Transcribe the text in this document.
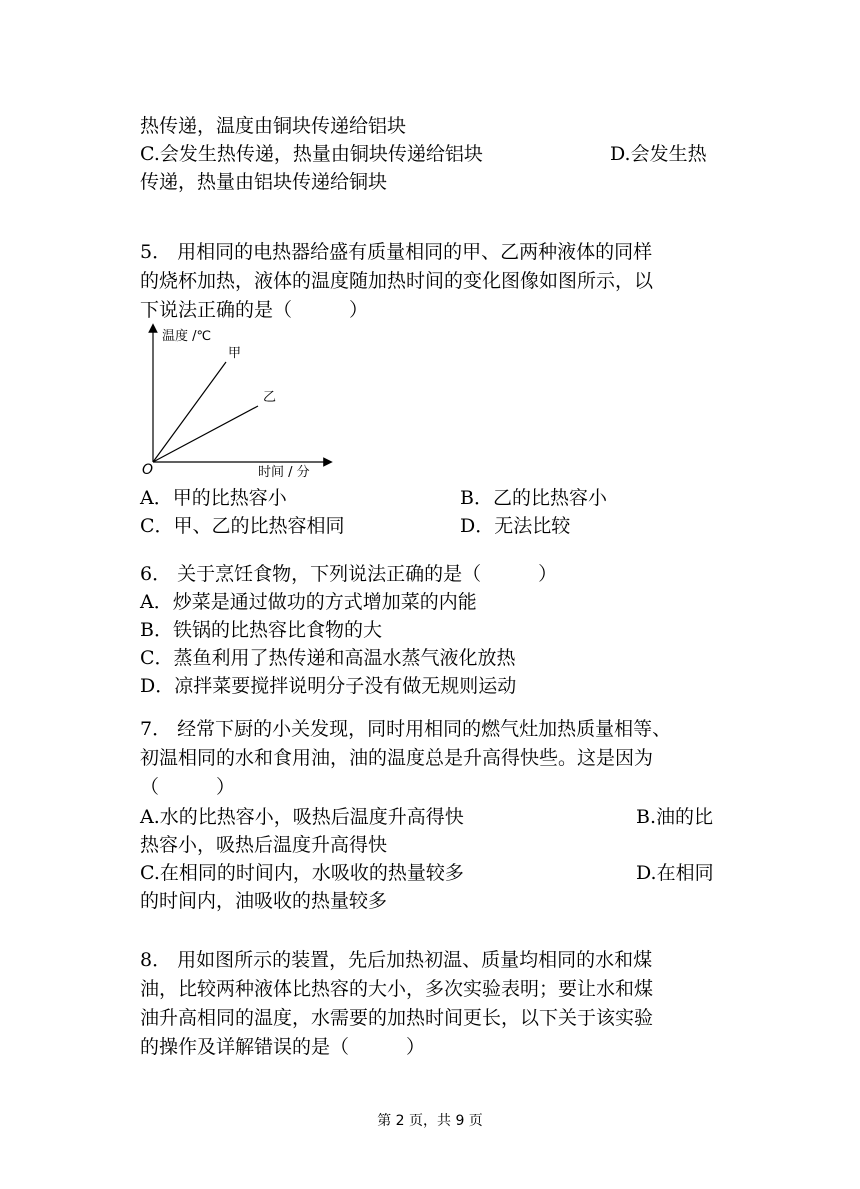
热传递，温度由铜块传递给铝块
C.会发生热传递，热量由铜块传递给铝块	D.会发生热
传递，热量由铝块传递给铜块
5． 用相同的电热器给盛有质量相同的甲、乙两种液体的同样
的烧杯加热，液体的温度随加热时间的变化图像如图所示，以
下说法正确的是（　　　）
温度 /℃
时间 / 分
O
甲
乙
A．甲的比热容小	B．乙的比热容小
C．甲、乙的比热容相同	D．无法比较
6． 关于烹饪食物，下列说法正确的是（　　　）
A．炒菜是通过做功的方式增加菜的内能
B．铁锅的比热容比食物的大
C．蒸鱼利用了热传递和高温水蒸气液化放热
D．凉拌菜要搅拌说明分子没有做无规则运动
7． 经常下厨的小关发现，同时用相同的燃气灶加热质量相等、
初温相同的水和食用油，油的温度总是升高得快些。这是因为
（　　　）
A.水的比热容小，吸热后温度升高得快	B.油的比
热容小，吸热后温度升高得快
C.在相同的时间内，水吸收的热量较多	D.在相同
的时间内，油吸收的热量较多
8． 用如图所示的装置，先后加热初温、质量均相同的水和煤
油，比较两种液体比热容的大小，多次实验表明；要让水和煤
油升高相同的温度，水需要的加热时间更长，以下关于该实验
的操作及详解错误的是（　　　）
第 2 页，共 9 页
